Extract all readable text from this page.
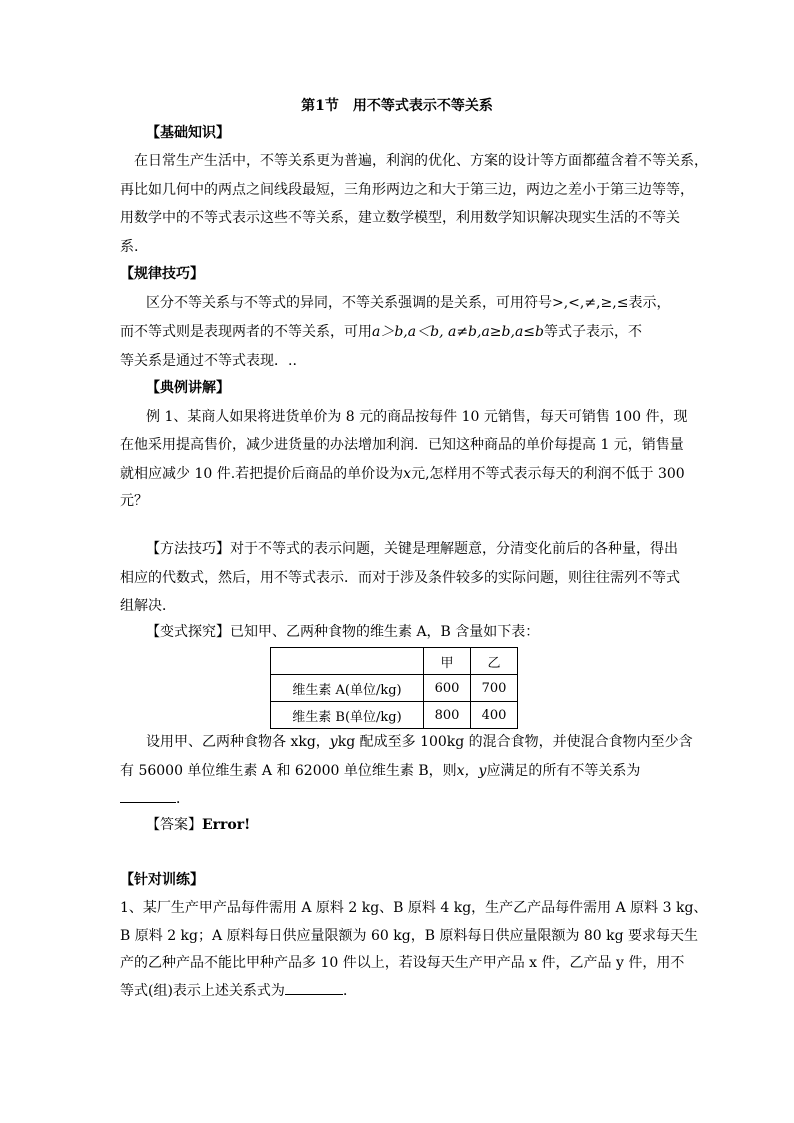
第1节　用不等式表示不等关系
【基础知识】
在日常生产生活中，不等关系更为普遍，利润的优化、方案的设计等方面都蕴含着不等关系，
再比如几何中的两点之间线段最短，三角形两边之和大于第三边，两边之差小于第三边等等，
用数学中的不等式表示这些不等关系，建立数学模型，利用数学知识解决现实生活的不等关
系.
【规律技巧】
区分不等关系与不等式的异同，不等关系强调的是关系，可用符号>,<,≠,≥,≤表示，
而不等式则是表现两者的不等关系，可用a＞b,a＜b, a≠b,a≥b,a≤b等式子表示，不
等关系是通过不等式表现．..
【典例讲解】
例 1、某商人如果将进货单价为 8 元的商品按每件 10 元销售，每天可销售 100 件，现
在他采用提高售价，减少进货量的办法增加利润．已知这种商品的单价每提高 1 元，销售量
就相应减少 10 件.若把提价后商品的单价设为x元,怎样用不等式表示每天的利润不低于 300
元？
【方法技巧】对于不等式的表示问题，关键是理解题意，分清变化前后的各种量，得出
相应的代数式，然后，用不等式表示．而对于涉及条件较多的实际问题，则往往需列不等式
组解决．
【变式探究】已知甲、乙两种食物的维生素 A，B 含量如下表：
	甲	乙
维生素 A(单位/kg)	600	700
维生素 B(单位/kg)	800	400
设用甲、乙两种食物各 xkg，ykg 配成至多 100kg 的混合食物，并使混合食物内至少含
有 56000 单位维生素 A 和 62000 单位维生素 B，则x，y应满足的所有不等关系为
．
【答案】Error!
【针对训练】
1、某厂生产甲产品每件需用 A 原料 2 kg、B 原料 4 kg，生产乙产品每件需用 A 原料 3 kg、
B 原料 2 kg；A 原料每日供应量限额为 60 kg，B 原料每日供应量限额为 80 kg 要求每天生
产的乙种产品不能比甲种产品多 10 件以上，若设每天生产甲产品 x 件，乙产品 y 件，用不
等式(组)表示上述关系式为	．
